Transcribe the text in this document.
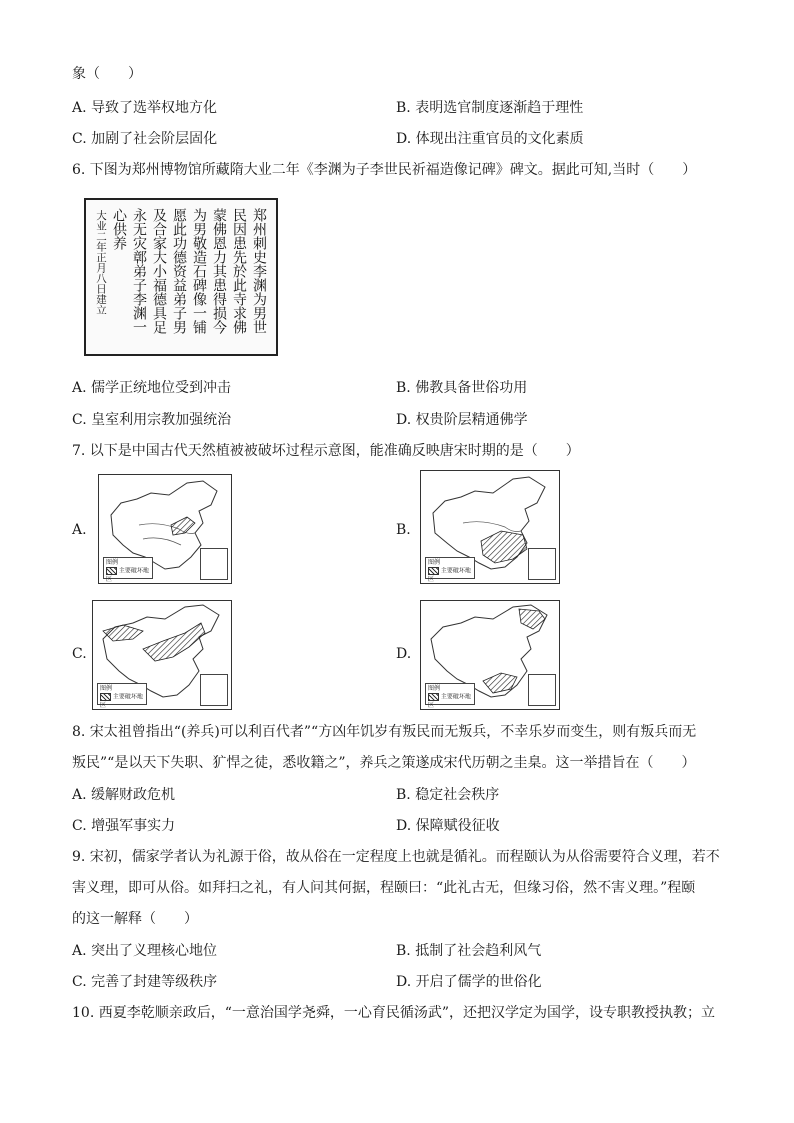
象（　　）
A. 导致了选举权地方化	B. 表明选官制度逐渐趋于理性
C. 加剧了社会阶层固化	D. 体现出注重官员的文化素质
6. 下图为郑州博物馆所藏隋大业二年《李渊为子李世民祈福造像记碑》碑文。据此可知,当时（　　）
郑州刺史李渊为男世
民因患先於此寺求佛
蒙佛恩力其患得损今
为男敬造石碑像一铺
愿此功德资益弟子男
及合家大小福德具足
永无灾鄣弟子李渊一
心供养
大业二年正月八日建立
A. 儒学正统地位受到冲击	B. 佛教具备世俗功用
C. 皇室利用宗教加强统治	D. 权贵阶层精通佛学
7. 以下是中国古代天然植被被破坏过程示意图，能准确反映唐宋时期的是（　　）
A.
图例
主要破坏地区
B.
图例
主要破坏地区
C.
图例
主要破坏地区
D.
图例
主要破坏地区
8. 宋太祖曾指出“(养兵)可以利百代者”“方凶年饥岁有叛民而无叛兵，不幸乐岁而变生，则有叛兵而无
叛民”“是以天下失职、犷悍之徒，悉收籍之”，养兵之策遂成宋代历朝之圭臬。这一举措旨在（　　）
A. 缓解财政危机	B. 稳定社会秩序
C. 增强军事实力	D. 保障赋役征收
9. 宋初，儒家学者认为礼源于俗，故从俗在一定程度上也就是循礼。而程颐认为从俗需要符合义理，若不
害义理，即可从俗。如拜扫之礼，有人问其何据，程颐曰：“此礼古无，但缘习俗，然不害义理。”程颐
的这一解释（　　）
A. 突出了义理核心地位	B. 抵制了社会趋利风气
C. 完善了封建等级秩序	D. 开启了儒学的世俗化
10. 西夏李乾顺亲政后，“一意治国学尧舜，一心育民循汤武”，还把汉学定为国学，设专职教授执教；立
